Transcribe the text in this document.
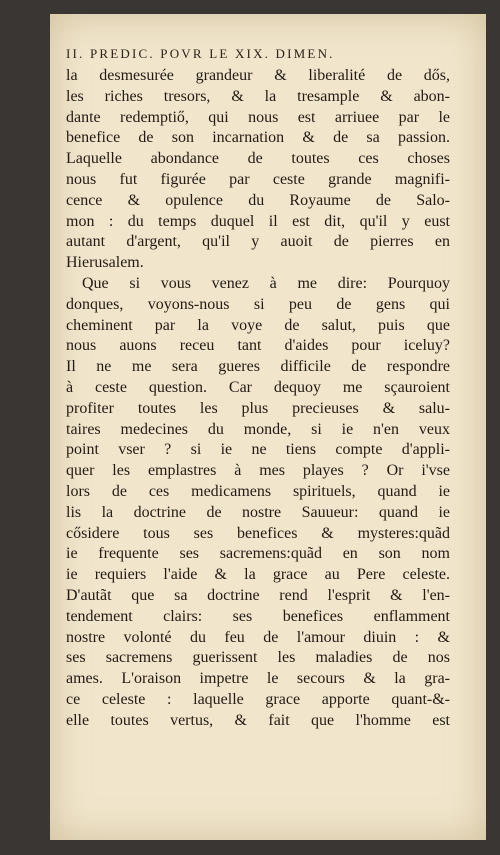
II. PREDIC. POVR LE XIX. DIMEN.
la desmesurée grandeur & liberalité de dős,
les riches tresors, & la tresample & abon-
dante redemptiő, qui nous est arriuee par le
benefice de son incarnation & de sa passion.
Laquelle abondance de toutes ces choses
nous fut figurée par ceste grande magnifi-
cence & opulence du Royaume de Salo-
mon : du temps duquel il est dit, qu'il y eust
autant d'argent, qu'il y auoit de pierres en
Hierusalem.
Que si vous venez à me dire: Pourquoy
donques, voyons-nous si peu de gens qui
cheminent par la voye de salut, puis que
nous auons receu tant d'aides pour iceluy?
Il ne me sera gueres difficile de respondre
à ceste question. Car dequoy me sçauroient
profiter toutes les plus precieuses & salu-
taires medecines du monde, si ie n'en veux
point vser ? si ie ne tiens compte d'appli-
quer les emplastres à mes playes ? Or i'vse
lors de ces medicamens spirituels, quand ie
lis la doctrine de nostre Sauueur: quand ie
cősidere tous ses benefices & mysteres:quãd
ie frequente ses sacremens:quãd en son nom
ie requiers l'aide & la grace au Pere celeste.
D'autãt que sa doctrine rend l'esprit & l'en-
tendement clairs: ses benefices enflamment
nostre volonté du feu de l'amour diuin : &
ses sacremens guerissent les maladies de nos
ames. L'oraison impetre le secours & la gra-
ce celeste : laquelle grace apporte quant-&-
elle toutes vertus, & fait que l'homme est
